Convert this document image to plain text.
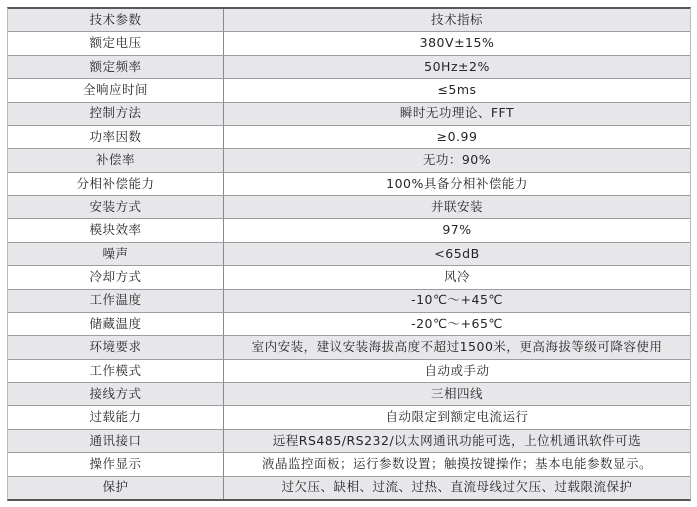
技术参数	技术指标
额定电压	380V±15%
额定频率	50Hz±2%
全响应时间	≤5ms
控制方法	瞬时无功理论、FFT
功率因数	≥0.99
补偿率	无功：90%
分相补偿能力	100%具备分相补偿能力
安装方式	并联安装
模块效率	97%
噪声	<65dB
冷却方式	风冷
工作温度	-10℃～+45℃
储藏温度	-20℃～+65℃
环境要求	室内安装，建议安装海拔高度不超过1500米，更高海拔等级可降容使用
工作模式	自动或手动
接线方式	三相四线
过载能力	自动限定到额定电流运行
通讯接口	远程RS485/RS232/以太网通讯功能可选，上位机通讯软件可选
操作显示	液晶监控面板；运行参数设置；触摸按键操作；基本电能参数显示。
保护	过欠压、缺相、过流、过热、直流母线过欠压、过载限流保护
